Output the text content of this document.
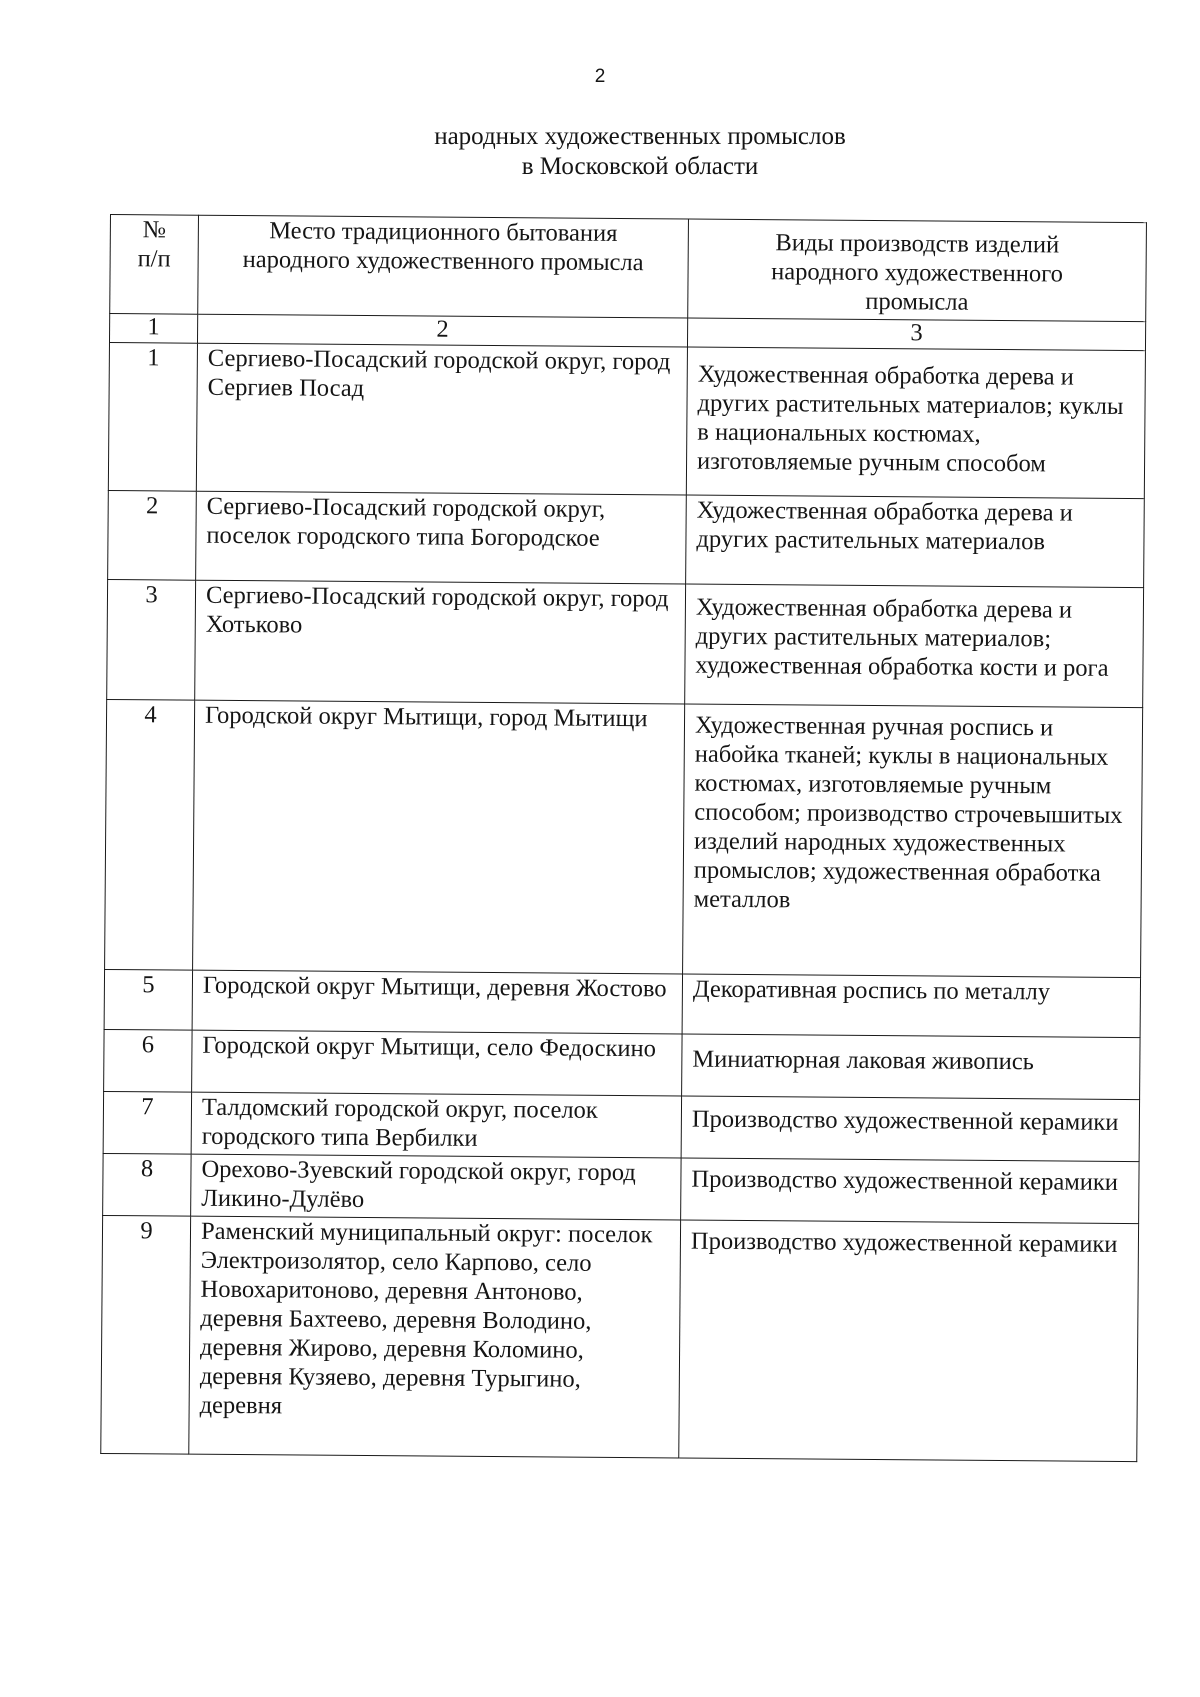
2
народных художественных промыслов
в Московской области
№
п/п	Место традиционного бытования народного художественного промысла	Виды производств изделий народного художественного промысла
1	2	3
1	Сергиево-Посадский городской округ, город Сергиев Посад	Художественная обработка дерева и других растительных материалов; куклы в национальных костюмах, изготовляемые ручным способом
2	Сергиево-Посадский городской округ, поселок городского типа Богородское	Художественная обработка дерева и других растительных материалов
3	Сергиево-Посадский городской округ, город Хотьково	Художественная обработка дерева и других растительных материалов; художественная обработка кости и рога
4	Городской округ Мытищи, город Мытищи	Художественная ручная роспись и набойка тканей; куклы в национальных костюмах, изготовляемые ручным способом; производство строчевышитых изделий народных художественных промыслов; художественная обработка металлов
5	Городской округ Мытищи, деревня Жостово	Декоративная роспись по металлу
6	Городской округ Мытищи, село Федоскино	Миниатюрная лаковая живопись
7	Талдомский городской округ, поселок городского типа Вербилки	Производство художественной керамики
8	Орехово-Зуевский городской округ, город Ликино-Дулёво	Производство художественной керамики
9	Раменский муниципальный округ: поселок Электроизолятор, село Карпово, село Новохаритоново, деревня Антоново, деревня Бахтеево, деревня Володино, деревня Жирово, деревня Коломино, деревня Кузяево, деревня Турыгино, деревня	Производство художественной керамики
